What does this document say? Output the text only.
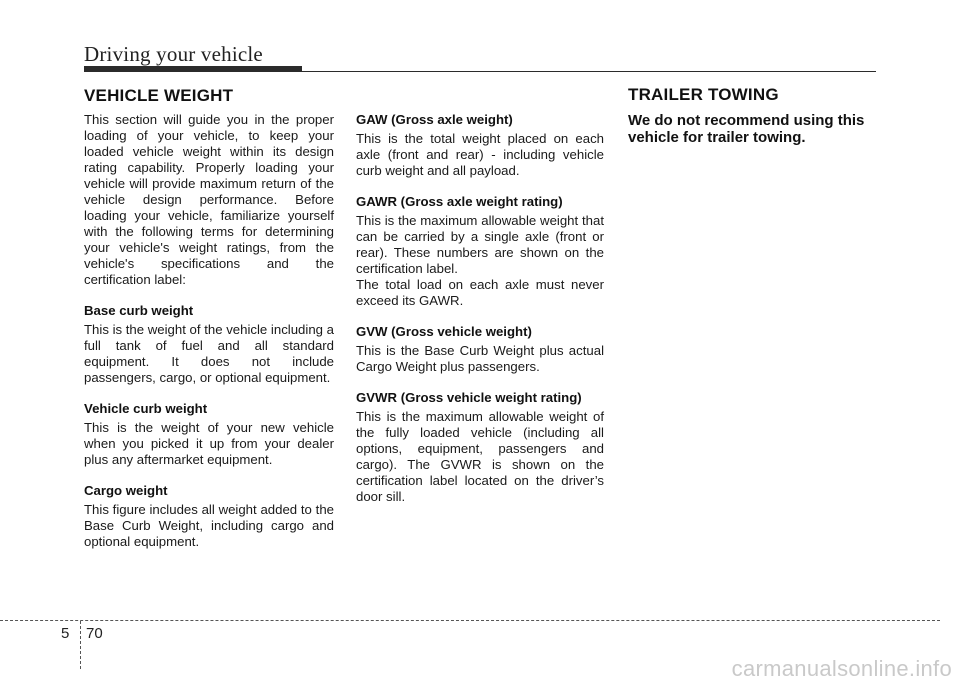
Driving your vehicle
VEHICLE WEIGHT	TRAILER TOWING

This section will guide you in the proper loading of your vehicle, to keep your loaded vehicle weight within its design rating capability. Properly loading your vehicle will provide maximum return of the vehicle design performance. Before loading your vehicle, familiarize yourself with the following terms for determining your vehicle's weight ratings, from the vehicle's specifications and the certification label:

Base curb weight

This is the weight of the vehicle including a full tank of fuel and all standard equipment. It does not include passengers, cargo, or optional equipment.

Vehicle curb weight

This is the weight of your new vehicle when you picked it up from your dealer plus any aftermarket equipment.

Cargo weight

This figure includes all weight added to the Base Curb Weight, including cargo and optional equipment.

GAW (Gross axle weight)

This is the total weight placed on each axle (front and rear) - including vehicle curb weight and all payload.

GAWR (Gross axle weight rating)

This is the maximum allowable weight that can be carried by a single axle (front or rear). These numbers are shown on the certification label.

The total load on each axle must never exceed its GAWR.

GVW (Gross vehicle weight)

This is the Base Curb Weight plus actual Cargo Weight plus passengers.

GVWR (Gross vehicle weight rating)

This is the maximum allowable weight of the fully loaded vehicle (including all options, equipment, passengers and cargo). The GVWR is shown on the certification label located on the driver’s door sill.

We do not recommend using this vehicle for trailer towing.
5 70
carmanualsonline.info
